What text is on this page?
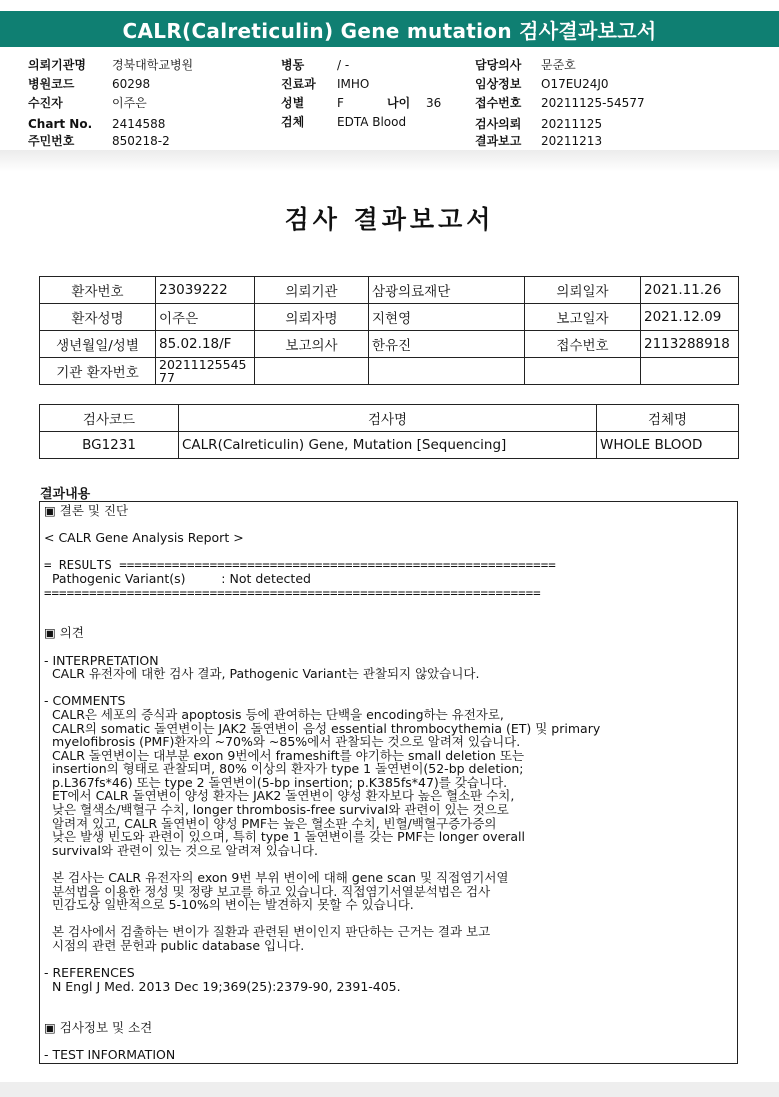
CALR(Calreticulin) Gene mutation 검사결과보고서
의뢰기관명 경북대학교병원
병원코드	60298
수진자	이주은
Chart No. 2414588
주민번호	850218-2
병동	/ -
진료과 IMHO
성별	F	나이 36
검체	EDTA Blood
담당의사 문준호
임상정보 O17EU24J0
접수번호 20211125-54577
검사의뢰 20211125
결과보고 20211213
검사 결과보고서
환자번호	23039222	의뢰기관	삼광의료재단	의뢰일자	2021.11.26
환자성명	이주은	의뢰자명	지현영	보고일자	2021.12.09
생년월일/성별	85.02.18/F	보고의사	한유진	접수번호	2113288918
기관 환자번호	2021112554577				
검사코드	검사명	검체명
BG1231	CALR(Calreticulin) Gene, Mutation [Sequencing]	WHOLE BLOOD
결과내용
▣ 결론 및 진단
< CALR Gene Analysis Report >
= RESULTS ==========================================================
Pathogenic Variant(s)         : Not detected
==================================================================
▣ 의견
- INTERPRETATION
CALR 유전자에 대한 검사 결과, Pathogenic Variant는 관찰되지 않았습니다.
- COMMENTS
CALR은 세포의 증식과 apoptosis 등에 관여하는 단백을 encoding하는 유전자로,
CALR의 somatic 돌연변이는 JAK2 돌연변이 음성 essential thrombocythemia (ET) 및 primary
myelofibrosis (PMF)환자의 ~70%와 ~85%에서 관찰되는 것으로 알려져 있습니다.
CALR 돌연변이는 대부분 exon 9번에서 frameshift를 야기하는 small deletion 또는
insertion의 형태로 관찰되며, 80% 이상의 환자가 type 1 돌연변이(52-bp deletion;
p.L367fs*46) 또는 type 2 돌연변이(5-bp insertion; p.K385fs*47)를 갖습니다.
ET에서 CALR 돌연변이 양성 환자는 JAK2 돌연변이 양성 환자보다 높은 혈소판 수치,
낮은 혈색소/백혈구 수치, longer thrombosis-free survival와 관련이 있는 것으로
알려져 있고, CALR 돌연변이 양성 PMF는 높은 혈소판 수치, 빈혈/백혈구증가증의
낮은 발생 빈도와 관련이 있으며, 특히 type 1 돌연변이를 갖는 PMF는 longer overall
survival와 관련이 있는 것으로 알려져 있습니다.
본 검사는 CALR 유전자의 exon 9번 부위 변이에 대해 gene scan 및 직접염기서열
분석법을 이용한 정성 및 정량 보고를 하고 있습니다. 직접염기서열분석법은 검사
민감도상 일반적으로 5-10%의 변이는 발견하지 못할 수 있습니다.
본 검사에서 검출하는 변이가 질환과 관련된 변이인지 판단하는 근거는 결과 보고
시점의 관련 문헌과 public database 입니다.
- REFERENCES
N Engl J Med. 2013 Dec 19;369(25):2379-90, 2391-405.
▣ 검사정보 및 소견
- TEST INFORMATION
